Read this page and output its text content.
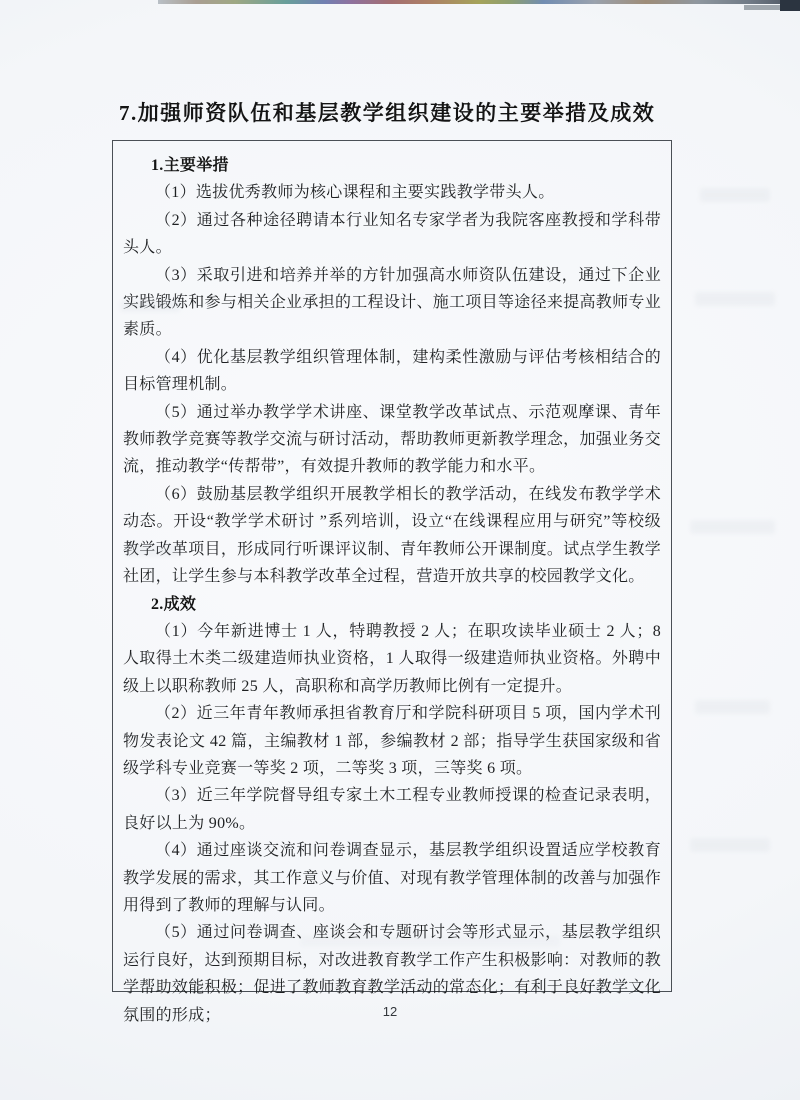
7.加强师资队伍和基层教学组织建设的主要举措及成效

1.主要举措

（1）选拔优秀教师为核心课程和主要实践教学带头人。

（2）通过各种途径聘请本行业知名专家学者为我院客座教授和学科带头人。

（3）采取引进和培养并举的方针加强高水师资队伍建设，通过下企业实践锻炼和参与相关企业承担的工程设计、施工项目等途径来提高教师专业素质。

（4）优化基层教学组织管理体制，建构柔性激励与评估考核相结合的目标管理机制。

（5）通过举办教学学术讲座、课堂教学改革试点、示范观摩课、青年教师教学竞赛等教学交流与研讨活动，帮助教师更新教学理念，加强业务交流，推动教学“传帮带”，有效提升教师的教学能力和水平。

（6）鼓励基层教学组织开展教学相长的教学活动，在线发布教学学术动态。开设“教学学术研讨 ”系列培训，设立“在线课程应用与研究”等校级教学改革项目，形成同行听课评议制、青年教师公开课制度。试点学生教学社团，让学生参与本科教学改革全过程，营造开放共享的校园教学文化。

2.成效

（1）今年新进博士 1 人，特聘教授 2 人；在职攻读毕业硕士 2 人；8 人取得土木类二级建造师执业资格，1 人取得一级建造师执业资格。外聘中级上以职称教师 25 人，高职称和高学历教师比例有一定提升。

（2）近三年青年教师承担省教育厅和学院科研项目 5 项，国内学术刊物发表论文 42 篇，主编教材 1 部，参编教材 2 部；指导学生获国家级和省级学科专业竞赛一等奖 2 项，二等奖 3 项，三等奖 6 项。

（3）近三年学院督导组专家土木工程专业教师授课的检查记录表明，良好以上为 90%。

（4）通过座谈交流和问卷调查显示，基层教学组织设置适应学校教育教学发展的需求，其工作意义与价值、对现有教学管理体制的改善与加强作用得到了教师的理解与认同。

（5）通过问卷调查、座谈会和专题研讨会等形式显示，基层教学组织运行良好，达到预期目标，对改进教育教学工作产生积极影响：对教师的教学帮助效能积极；促进了教师教育教学活动的常态化；有利于良好教学文化氛围的形成；	12
